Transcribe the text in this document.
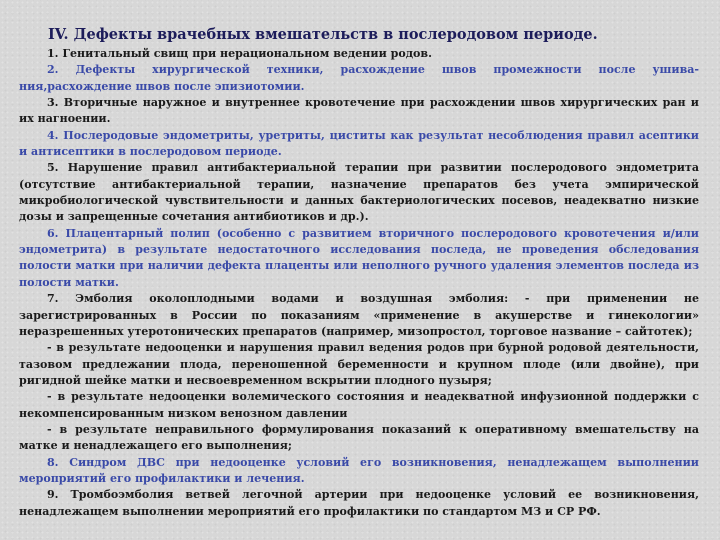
IV. Дефекты врачебных вмешательств в послеродовом периоде.

1. Генитальный свищ при нерациональном ведении родов.

2. Дефекты хирургической техники, расхождение швов промежности после ушива-ния,расхождение швов после эпизиотомии.

3. Вторичные наружное и внутреннее кровотечение при расхождении швов хирургических ран и их нагноении.

4. Послеродовые эндометриты, уретриты, циститы как результат несоблюдения правил асептики и антисептики в послеродовом периоде.

5. Нарушение правил антибактериальной терапии при развитии послеродового эндометрита (отсутствие антибактериальной терапии, назначение препаратов без учета эмпирической микробиологической чувствительности и данных бактериологических посевов, неадекватно низкие дозы и запрещенные сочетания антибиотиков и др.).

6. Плацентарный полип (особенно с развитием вторичного послеродового кровотечения и/или эндометрита) в результате недостаточного исследования последа, не проведения обследования полости матки при наличии дефекта плаценты или неполного ручного удаления элементов последа из полости матки.

7. Эмболия околоплодными водами и воздушная эмболия: - при применении не зарегистрированных в России по показаниям «применение в акушерстве и гинекологии» неразрешенных утеротонических препаратов (например, мизопростол, торговое название – сайтотек);

- в результате недооценки и нарушения правил ведения родов при бурной родовой деятельности, тазовом предлежании плода, переношенной беременности и крупном плоде (или двойне), при ригидной шейке матки и несвоевременном вскрытии плодного пузыря;

- в результате недооценки волемического состояния и неадекватной инфузионной поддержки с некомпенсированным низком венозном давлении

- в результате неправильного формулирования показаний к оперативному вмешательству на матке и ненадлежащего его выполнения;

8. Синдром ДВС при недооценке условий его возникновения, ненадлежащем выполнении мероприятий его профилактики и лечения.

9. Тромбоэмболия ветвей легочной артерии при недооценке условий ее возникновения, ненадлежащем выполнении мероприятий его профилактики по стандартом МЗ и СР РФ.
